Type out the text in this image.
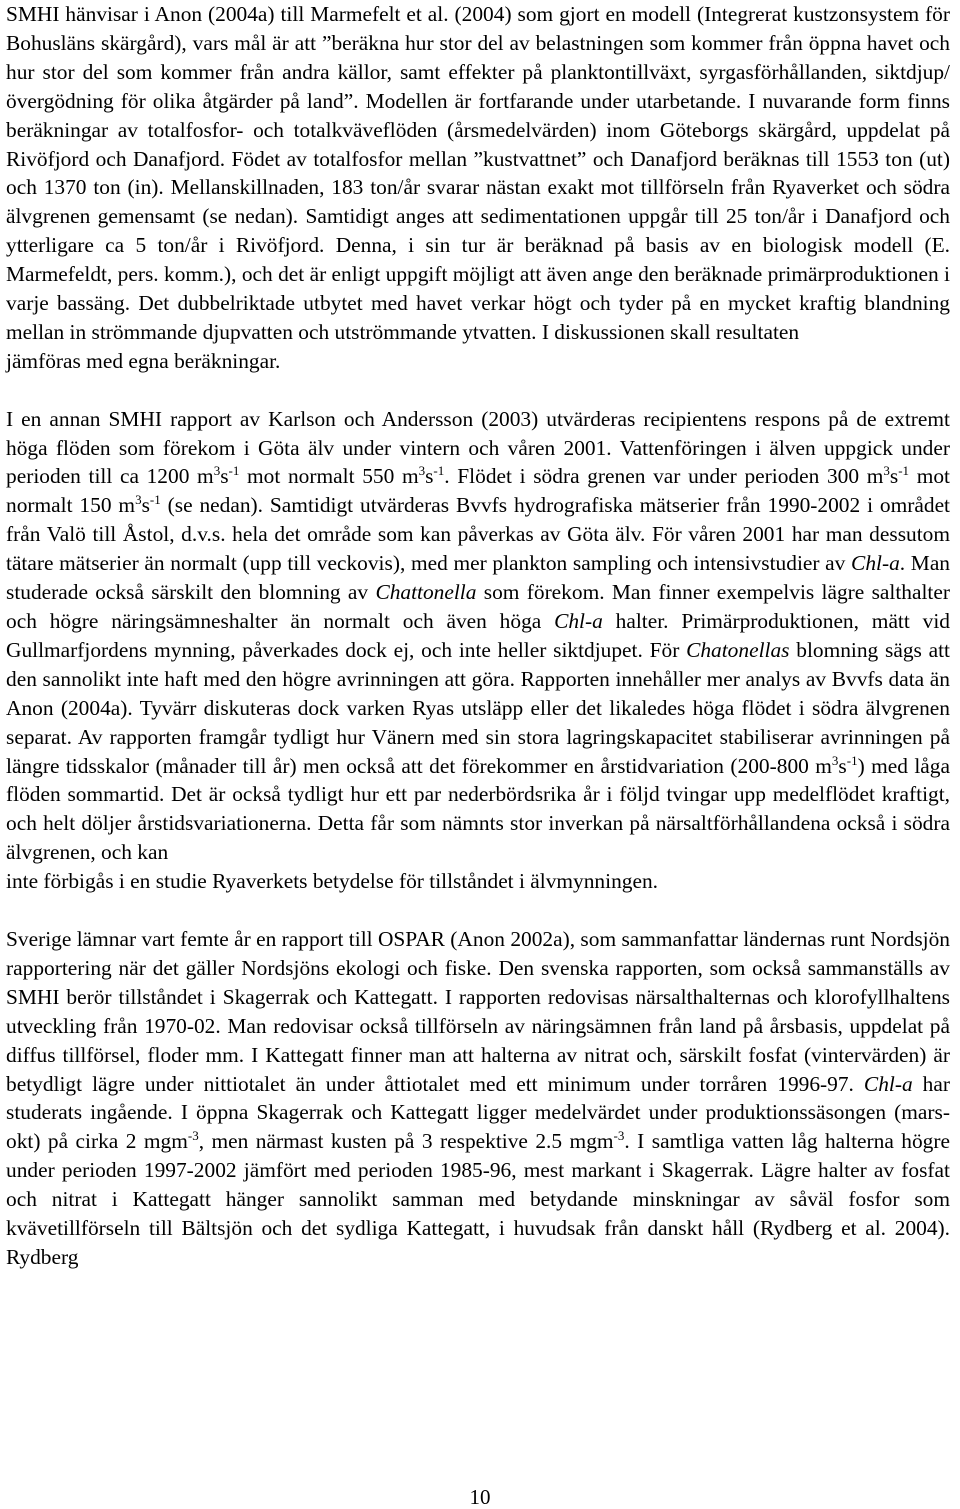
SMHI hänvisar i Anon (2004a) till Marmefelt et al. (2004) som gjort en modell (Integrerat kustzonsystem för Bohusläns skärgård), vars mål är att ”beräkna hur stor del av belastningen som kommer från öppna havet och hur stor del som kommer från andra källor, samt effekter på planktontillväxt, syrgasförhållanden, siktdjup/övergödning för olika åtgärder på land”. Modellen är fortfarande under utarbetande. I nuvarande form finns beräkningar av totalfosfor- och totalkväveflöden (årsmedelvärden) inom Göteborgs skärgård, uppdelat på Rivöfjord och Danafjord. Födet av totalfosfor mellan ”kustvattnet” och Danafjord beräknas till 1553 ton (ut) och 1370 ton (in). Mellanskillnaden, 183 ton/år svarar nästan exakt mot tillförseln från Ryaverket och södra älvgrenen gemensamt (se nedan). Samtidigt anges att sedimentationen uppgår till 25 ton/år i Danafjord och ytterligare ca 5 ton/år i Rivöfjord. Denna, i sin tur är beräknad på basis av en biologisk modell (E. Marmefeldt, pers. komm.), och det är enligt uppgift möjligt att även ange den beräknade primärproduktionen i varje bassäng. Det dubbelriktade utbytet med havet verkar högt och tyder på en mycket kraftig blandning mellan in strömmande djupvatten och utströmmande ytvatten. I diskussionen skall resultaten
jämföras med egna beräkningar.

I en annan SMHI rapport av Karlson och Andersson (2003) utvärderas recipientens respons på de extremt höga flöden som förekom i Göta älv under vintern och våren 2001. Vattenföringen i älven uppgick under perioden till ca 1200 $m^3s^{-1}$ mot normalt 550 $m^3s^{-1}$. Flödet i södra grenen var under perioden 300 $m^3s^{-1}$ mot normalt 150 $m^3s^{-1}$ (se nedan). Samtidigt utvärderas Bvvfs hydrografiska mätserier från 1990-2002 i området från Valö till Åstol, d.v.s. hela det område som kan påverkas av Göta älv. För våren 2001 har man dessutom tätare mätserier än normalt (upp till veckovis), med mer plankton sampling och intensivstudier av Chl-a. Man studerade också särskilt den blomning av Chattonella som förekom. Man finner exempelvis lägre salthalter och högre näringsämneshalter än normalt och även höga Chl-a halter. Primärproduktionen, mätt vid Gullmarfjordens mynning, påverkades dock ej, och inte heller siktdjupet. För Chatonellas blomning sägs att den sannolikt inte haft med den högre avrinningen att göra. Rapporten innehåller mer analys av Bvvfs data än Anon (2004a). Tyvärr diskuteras dock varken Ryas utsläpp eller det likaledes höga flödet i södra älvgrenen separat. Av rapporten framgår tydligt hur Vänern med sin stora lagringskapacitet stabiliserar avrinningen på längre tidsskalor (månader till år) men också att det förekommer en årstidvariation (200-800 $m^3s^{-1}$) med låga flöden sommartid. Det är också tydligt hur ett par nederbördsrika år i följd tvingar upp medelflödet kraftigt, och helt döljer årstidsvariationerna. Detta får som nämnts stor inverkan på närsaltförhållandena också i södra älvgrenen, och kan
inte förbigås i en studie Ryaverkets betydelse för tillståndet i älvmynningen.

Sverige lämnar vart femte år en rapport till OSPAR (Anon 2002a), som sammanfattar ländernas runt Nordsjön rapportering när det gäller Nordsjöns ekologi och fiske. Den svenska rapporten, som också sammanställs av SMHI berör tillståndet i Skagerrak och Kattegatt. I rapporten redovisas närsalthalternas och klorofyllhaltens utveckling från 1970-02. Man redovisar också tillförseln av näringsämnen från land på årsbasis, uppdelat på diffus tillförsel, floder mm. I Kattegatt finner man att halterna av nitrat och, särskilt fosfat (vintervärden) är betydligt lägre under nittiotalet än under åttiotalet med ett minimum under torråren 1996-97. Chl-a har studerats ingående. I öppna Skagerrak och Kattegatt ligger medelvärdet under produktionssäsongen (mars-okt) på cirka 2 mgm$^{-3}$, men närmast kusten på 3 respektive 2.5 mgm$^{-3}$. I samtliga vatten låg halterna högre under perioden 1997-2002 jämfört med perioden 1985-96, mest markant i Skagerrak. Lägre halter av fosfat och nitrat i Kattegatt hänger sannolikt samman med betydande minskningar av såväl fosfor som kvävetillförseln till Bältsjön och det sydliga Kattegatt, i huvudsak från danskt håll (Rydberg et al. 2004). Rydberg

10
